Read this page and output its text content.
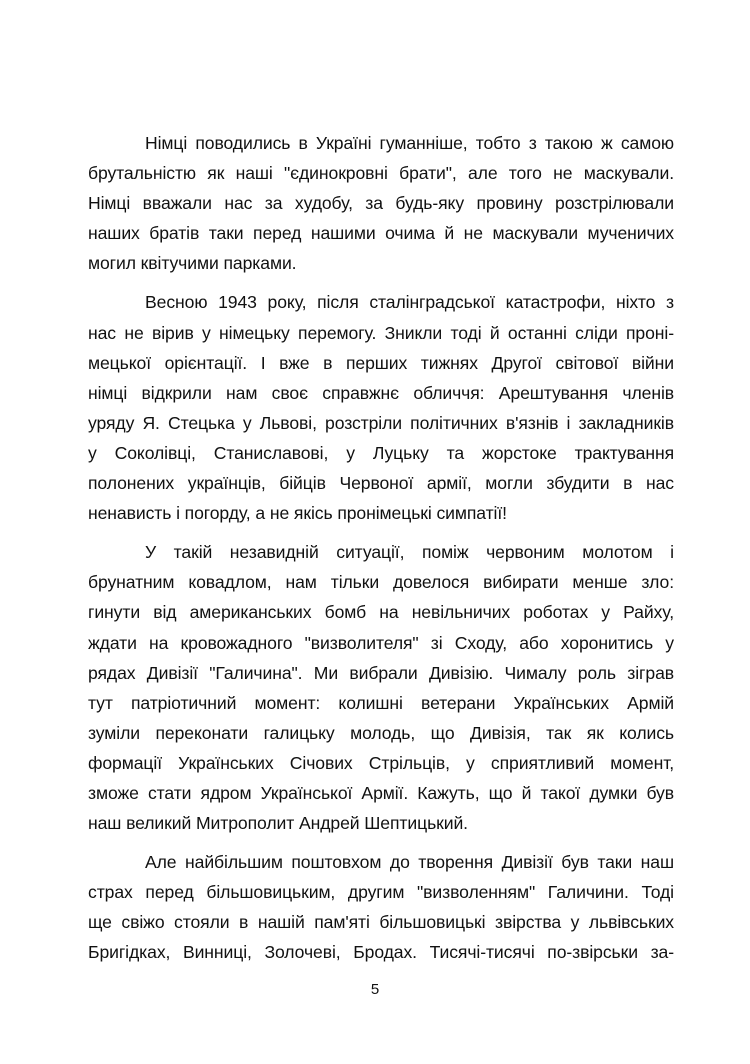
Німці поводились в Україні гуманніше, тобто з такою ж самою
брутальністю як наші "єдинокровні брати", але того не маскували.
Німці вважали нас за худобу, за будь-яку провину розстрілювали
наших братів таки перед нашими очима й не маскували мученичих
могил квітучими парками.

Весною 1943 року, після сталінградської катастрофи, ніхто з
нас не вірив у німецьку перемогу. Зникли тоді й останні сліди проні-
мецької орієнтації. І вже в перших тижнях Другої світової війни
німці відкрили нам своє справжнє обличчя: Арештування членів
уряду Я. Стецька у Львові, розстріли політичних в'язнів і закладників
у Соколівці, Станиславові, у Луцьку та жорстоке трактування
полонених українців, бійців Червоної армії, могли збудити в нас
ненависть і погорду, а не якісь пронімецькі симпатії!

У такій незавидній ситуації, поміж червоним молотом і
брунатним ковадлом, нам тільки довелося вибирати менше зло:
гинути від американських бомб на невільничих роботах у Райху,
ждати на кровожадного "визволителя" зі Сходу, або хоронитись у
рядах Дивізії "Галичина". Ми вибрали Дивізію. Чималу роль зіграв
тут патріотичний момент: колишні ветерани Українських Армій
зуміли переконати галицьку молодь, що Дивізія, так як колись
формації Українських Січових Стрільців, у сприятливий момент,
зможе стати ядром Української Армії. Кажуть, що й такої думки був
наш великий Митрополит Андрей Шептицький.

Але найбільшим поштовхом до творення Дивізії був таки наш
страх перед більшовицьким, другим "визволенням" Галичини. Тоді
ще свіжо стояли в нашій пам'яті більшовицькі звірства у львівських
Бригідках, Винниці, Золочеві, Бродах. Тисячі-тисячі по-звірськи за-

5
